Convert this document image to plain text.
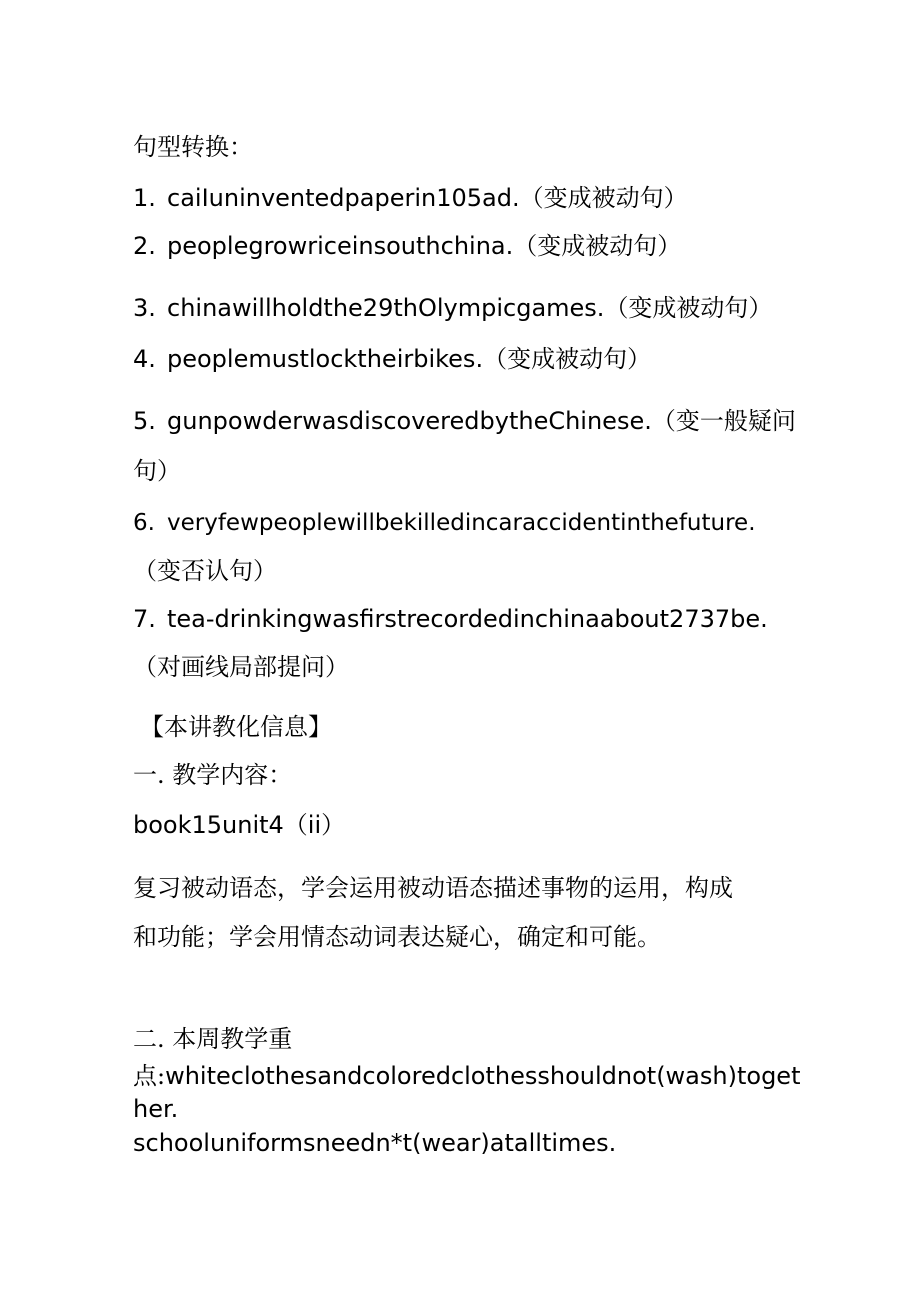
句型转换：
1. caiIuninventedpaperin105ad.（变成被动句）
2. peoplegrowriceinsouthchina.（变成被动句）
3. chinawillholdthe29thOlympicgames.（变成被动句）
4. peoplemustlocktheirbikes.（变成被动句）
5. gunpowderwasdiscoveredbytheChinese.（变一般疑问
句）
6. veryfewpeoplewillbekilledincaraccidentinthefuture.
（变否认句）
7. tea-drinkingwasfirstrecordedinchinaabout2737be.
（对画线局部提问）
【本讲教化信息】
一. 教学内容：
book15unit4（ii）
复习被动语态，学会运用被动语态描述事物的运用，构成
和功能；学会用情态动词表达疑心，确定和可能。
二. 本周教学重
点:whiteclothesandcoloredclothesshouldnot(wash)toget
her.
schooluniformsneedn*t(wear)atalltimes.
